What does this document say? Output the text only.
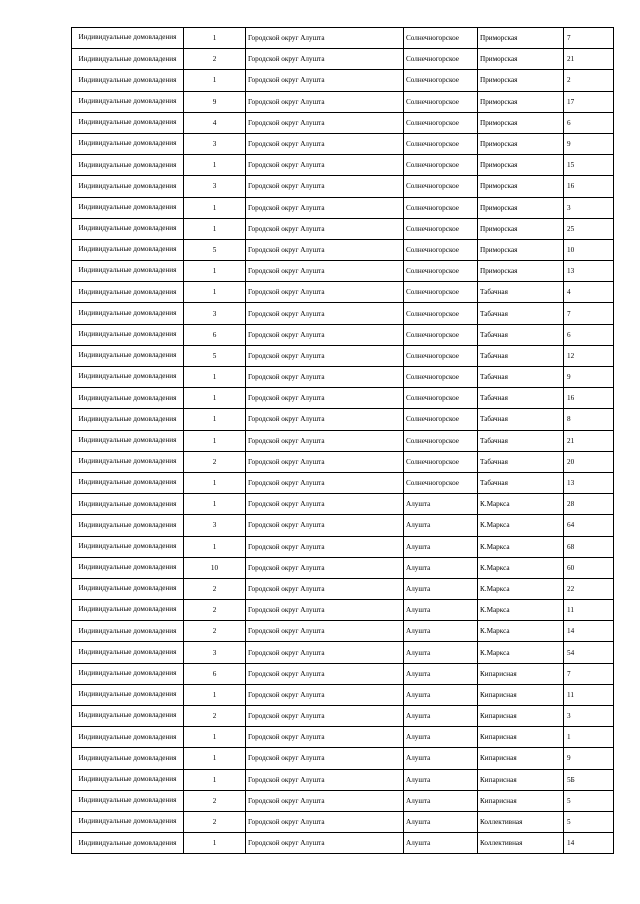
Индивидуальные домовладения	1	Городской округ Алушта	Солнечногорское	Приморская	7
Индивидуальные домовладения	2	Городской округ Алушта	Солнечногорское	Приморская	21
Индивидуальные домовладения	1	Городской округ Алушта	Солнечногорское	Приморская	2
Индивидуальные домовладения	9	Городской округ Алушта	Солнечногорское	Приморская	17
Индивидуальные домовладения	4	Городской округ Алушта	Солнечногорское	Приморская	6
Индивидуальные домовладения	3	Городской округ Алушта	Солнечногорское	Приморская	9
Индивидуальные домовладения	1	Городской округ Алушта	Солнечногорское	Приморская	15
Индивидуальные домовладения	3	Городской округ Алушта	Солнечногорское	Приморская	16
Индивидуальные домовладения	1	Городской округ Алушта	Солнечногорское	Приморская	3
Индивидуальные домовладения	1	Городской округ Алушта	Солнечногорское	Приморская	25
Индивидуальные домовладения	5	Городской округ Алушта	Солнечногорское	Приморская	10
Индивидуальные домовладения	1	Городской округ Алушта	Солнечногорское	Приморская	13
Индивидуальные домовладения	1	Городской округ Алушта	Солнечногорское	Табачная	4
Индивидуальные домовладения	3	Городской округ Алушта	Солнечногорское	Табачная	7
Индивидуальные домовладения	6	Городской округ Алушта	Солнечногорское	Табачная	6
Индивидуальные домовладения	5	Городской округ Алушта	Солнечногорское	Табачная	12
Индивидуальные домовладения	1	Городской округ Алушта	Солнечногорское	Табачная	9
Индивидуальные домовладения	1	Городской округ Алушта	Солнечногорское	Табачная	16
Индивидуальные домовладения	1	Городской округ Алушта	Солнечногорское	Табачная	8
Индивидуальные домовладения	1	Городской округ Алушта	Солнечногорское	Табачная	21
Индивидуальные домовладения	2	Городской округ Алушта	Солнечногорское	Табачная	20
Индивидуальные домовладения	1	Городской округ Алушта	Солнечногорское	Табачная	13
Индивидуальные домовладения	1	Городской округ Алушта	Алушта	К.Маркса	28
Индивидуальные домовладения	3	Городской округ Алушта	Алушта	К.Маркса	64
Индивидуальные домовладения	1	Городской округ Алушта	Алушта	К.Маркса	68
Индивидуальные домовладения	10	Городской округ Алушта	Алушта	К.Маркса	60
Индивидуальные домовладения	2	Городской округ Алушта	Алушта	К.Маркса	22
Индивидуальные домовладения	2	Городской округ Алушта	Алушта	К.Маркса	11
Индивидуальные домовладения	2	Городской округ Алушта	Алушта	К.Маркса	14
Индивидуальные домовладения	3	Городской округ Алушта	Алушта	К.Маркса	54
Индивидуальные домовладения	6	Городской округ Алушта	Алушта	Кипарисная	7
Индивидуальные домовладения	1	Городской округ Алушта	Алушта	Кипарисная	11
Индивидуальные домовладения	2	Городской округ Алушта	Алушта	Кипарисная	3
Индивидуальные домовладения	1	Городской округ Алушта	Алушта	Кипарисная	1
Индивидуальные домовладения	1	Городской округ Алушта	Алушта	Кипарисная	9
Индивидуальные домовладения	1	Городской округ Алушта	Алушта	Кипарисная	5Б
Индивидуальные домовладения	2	Городской округ Алушта	Алушта	Кипарисная	5
Индивидуальные домовладения	2	Городской округ Алушта	Алушта	Коллективная	5
Индивидуальные домовладения	1	Городской округ Алушта	Алушта	Коллективная	14
